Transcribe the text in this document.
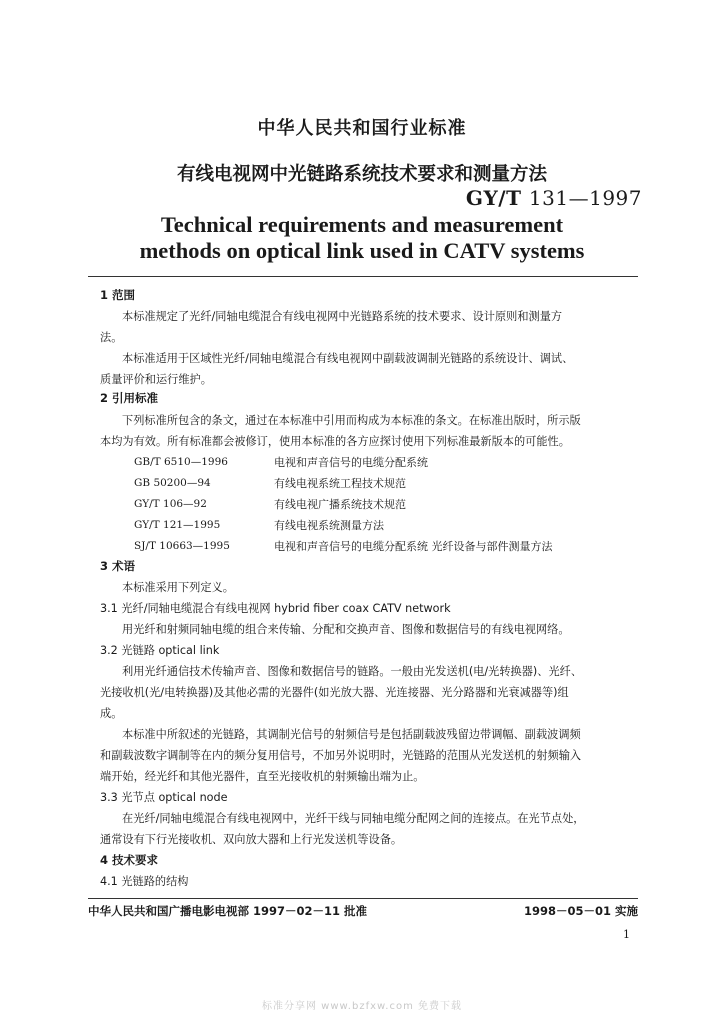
中华人民共和国行业标准
有线电视网中光链路系统技术要求和测量方法
GY/T 131—1997
Technical requirements and measurement
methods on optical link used in CATV systems
1 范围
本标准规定了光纤/同轴电缆混合有线电视网中光链路系统的技术要求、设计原则和测量方
法。
本标准适用于区域性光纤/同轴电缆混合有线电视网中副载波调制光链路的系统设计、调试、
质量评价和运行维护。
2 引用标准
下列标准所包含的条文，通过在本标准中引用而构成为本标准的条文。在标准出版时，所示版
本均为有效。所有标准都会被修订，使用本标准的各方应探讨使用下列标准最新版本的可能性。
GB/T 6510—1996	电视和声音信号的电缆分配系统
GB 50200—94	有线电视系统工程技术规范
GY/T 106—92	有线电视广播系统技术规范
GY/T 121—1995	有线电视系统测量方法
SJ/T 10663—1995	电视和声音信号的电缆分配系统 光纤设备与部件测量方法
3 术语
本标准采用下列定义。
3.1 光纤/同轴电缆混合有线电视网 hybrid fiber coax CATV network
用光纤和射频同轴电缆的组合来传输、分配和交换声音、图像和数据信号的有线电视网络。
3.2 光链路 optical link
利用光纤通信技术传输声音、图像和数据信号的链路。一般由光发送机(电/光转换器)、光纤、
光接收机(光/电转换器)及其他必需的光器件(如光放大器、光连接器、光分路器和光衰减器等)组
成。
本标准中所叙述的光链路，其调制光信号的射频信号是包括副载波残留边带调幅、副载波调频
和副载波数字调制等在内的频分复用信号，不加另外说明时，光链路的范围从光发送机的射频输入
端开始，经光纤和其他光器件，直至光接收机的射频输出端为止。
3.3 光节点 optical node
在光纤/同轴电缆混合有线电视网中，光纤干线与同轴电缆分配网之间的连接点。在光节点处，
通常设有下行光接收机、双向放大器和上行光发送机等设备。
4 技术要求
4.1 光链路的结构
中华人民共和国广播电影电视部 1997－02－11 批准	1998－05－01 实施
1
标准分享网 www.bzfxw.com 免费下载
